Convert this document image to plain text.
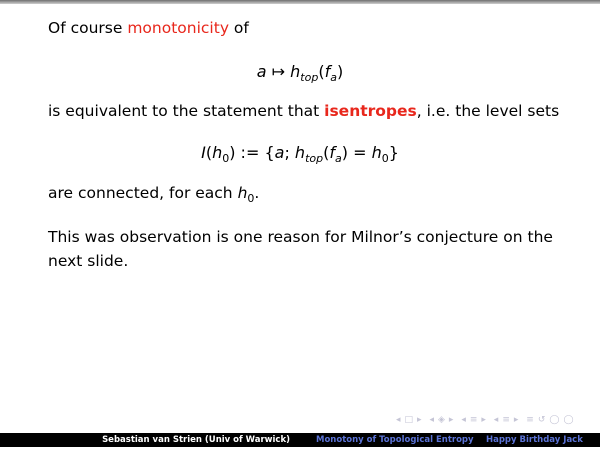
Of course monotonicity of
a ↦ $h_{top}(f_a)$
is equivalent to the statement that isentropes, i.e. the level sets
$I(h_0)$ := {a; $h_{top}(f_a) = h_0$}
are connected, for each $h_0$.
This was observation is one reason for Milnor’s conjecture on the next slide.
◂ □ ▸ ◂ ◈ ▸ ◂ ≡ ▸ ◂ ≡ ▸ ≡ ↺ ◯ ◯
Sebastian van Strien (Univ of Warwick)	Monotony of Topological Entropy Happy Birthday Jack
